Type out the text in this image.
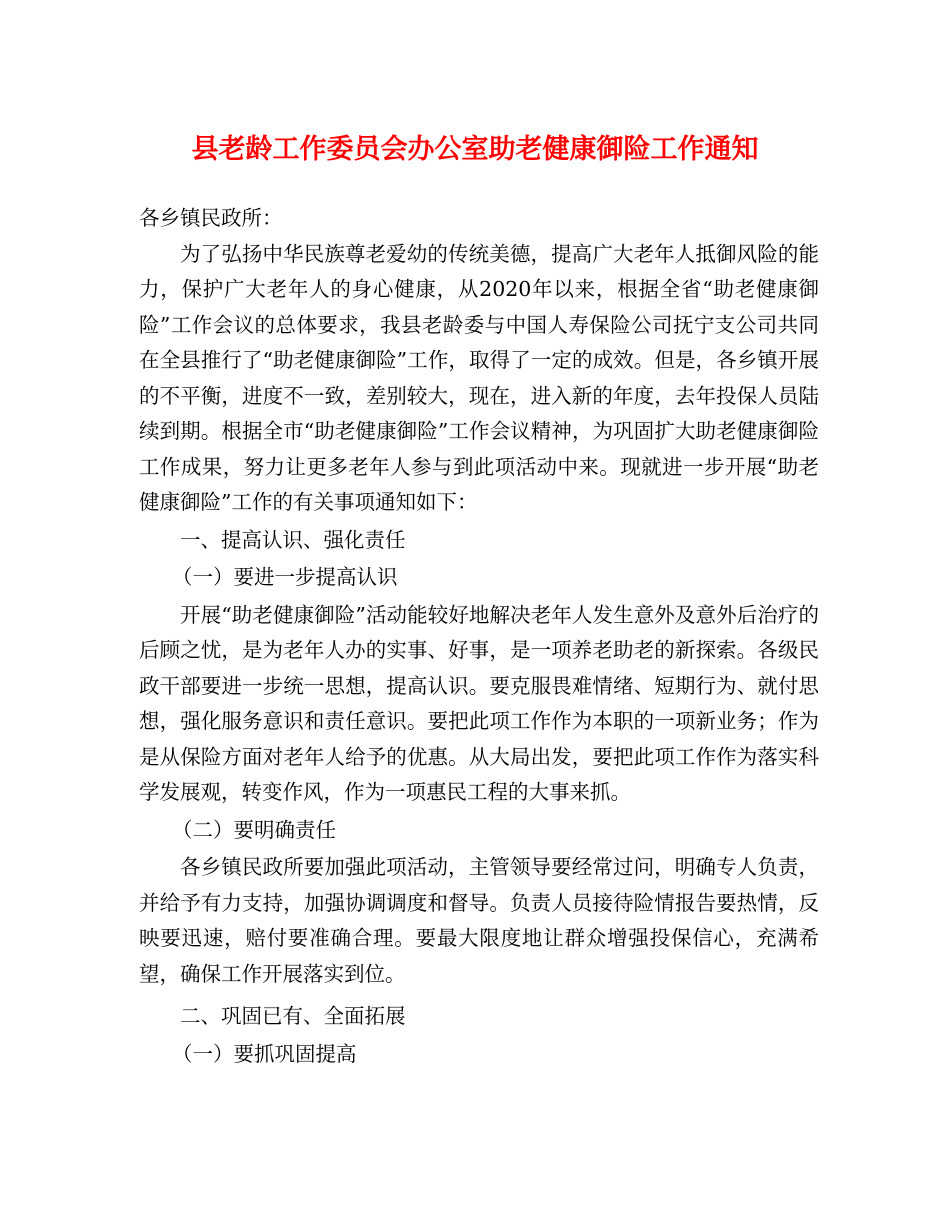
县老龄工作委员会办公室助老健康御险工作通知

各乡镇民政所：

为了弘扬中华民族尊老爱幼的传统美德，提高广大老年人抵御风险的能力，保护广大老年人的身心健康，从2020年以来，根据全省“助老健康御险”工作会议的总体要求，我县老龄委与中国人寿保险公司抚宁支公司共同在全县推行了“助老健康御险”工作，取得了一定的成效。但是，各乡镇开展的不平衡，进度不一致，差别较大，现在，进入新的年度，去年投保人员陆续到期。根据全市“助老健康御险”工作会议精神，为巩固扩大助老健康御险工作成果，努力让更多老年人参与到此项活动中来。现就进一步开展“助老健康御险”工作的有关事项通知如下：

一、提高认识、强化责任

（一）要进一步提高认识

开展“助老健康御险”活动能较好地解决老年人发生意外及意外后治疗的后顾之忧，是为老年人办的实事、好事，是一项养老助老的新探索。各级民政干部要进一步统一思想，提高认识。要克服畏难情绪、短期行为、就付思想，强化服务意识和责任意识。要把此项工作作为本职的一项新业务；作为是从保险方面对老年人给予的优惠。从大局出发，要把此项工作作为落实科学发展观，转变作风，作为一项惠民工程的大事来抓。

（二）要明确责任

各乡镇民政所要加强此项活动，主管领导要经常过问，明确专人负责，并给予有力支持，加强协调调度和督导。负责人员接待险情报告要热情，反映要迅速，赔付要准确合理。要最大限度地让群众增强投保信心，充满希望，确保工作开展落实到位。

二、巩固已有、全面拓展

（一）要抓巩固提高
